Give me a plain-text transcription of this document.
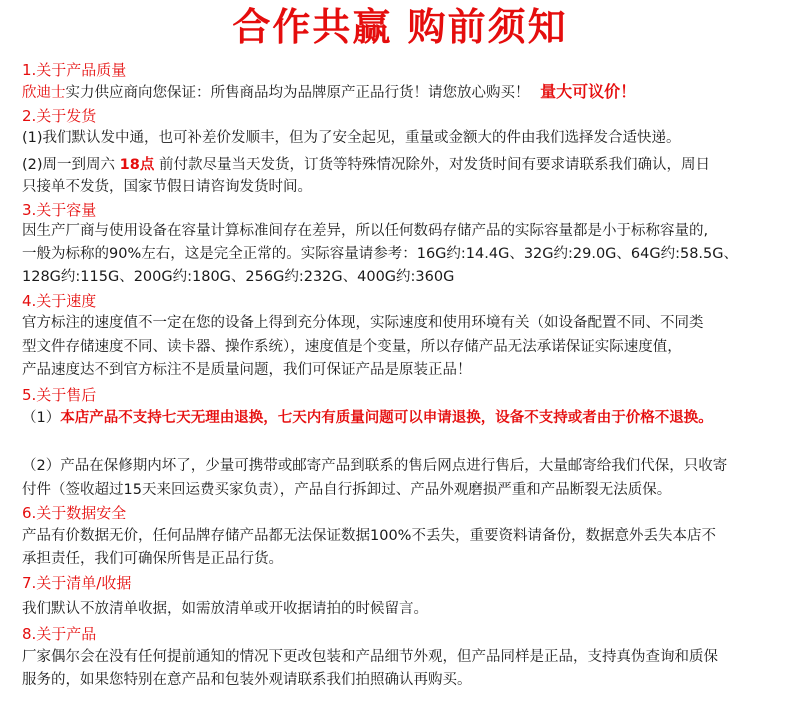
合作共赢 购前须知
1.关于产品质量
欣迪士实力供应商向您保证：所售商品均为品牌原产正品行货！请您放心购买！ 量大可议价！
2.关于发货
(1)我们默认发中通，也可补差价发顺丰，但为了安全起见，重量或金额大的件由我们选择发合适快递。
(2)周一到周六 18点 前付款尽量当天发货，订货等特殊情况除外，对发货时间有要求请联系我们确认，周日
只接单不发货，国家节假日请咨询发货时间。
3.关于容量
因生产厂商与使用设备在容量计算标准间存在差异，所以任何数码存储产品的实际容量都是小于标称容量的,
一般为标称的90%左右，这是完全正常的。实际容量请参考：16G约:14.4G、32G约:29.0G、64G约:58.5G、
128G约:115G、200G约:180G、256G约:232G、400G约:360G
4.关于速度
官方标注的速度值不一定在您的设备上得到充分体现，实际速度和使用环境有关（如设备配置不同、不同类
型文件存储速度不同、读卡器、操作系统），速度值是个变量，所以存储产品无法承诺保证实际速度值，
产品速度达不到官方标注不是质量问题，我们可保证产品是原装正品！
5.关于售后
（1）本店产品不支持七天无理由退换，七天内有质量问题可以申请退换，设备不支持或者由于价格不退换。
（2）产品在保修期内坏了，少量可携带或邮寄产品到联系的售后网点进行售后，大量邮寄给我们代保，只收寄
付件（签收超过15天来回运费买家负责），产品自行拆卸过、产品外观磨损严重和产品断裂无法质保。
6.关于数据安全
产品有价数据无价，任何品牌存储产品都无法保证数据100%不丢失，重要资料请备份，数据意外丢失本店不
承担责任，我们可确保所售是正品行货。
7.关于清单/收据
我们默认不放清单收据，如需放清单或开收据请拍的时候留言。
8.关于产品
厂家偶尔会在没有任何提前通知的情况下更改包装和产品细节外观，但产品同样是正品，支持真伪查询和质保
服务的，如果您特别在意产品和包装外观请联系我们拍照确认再购买。
